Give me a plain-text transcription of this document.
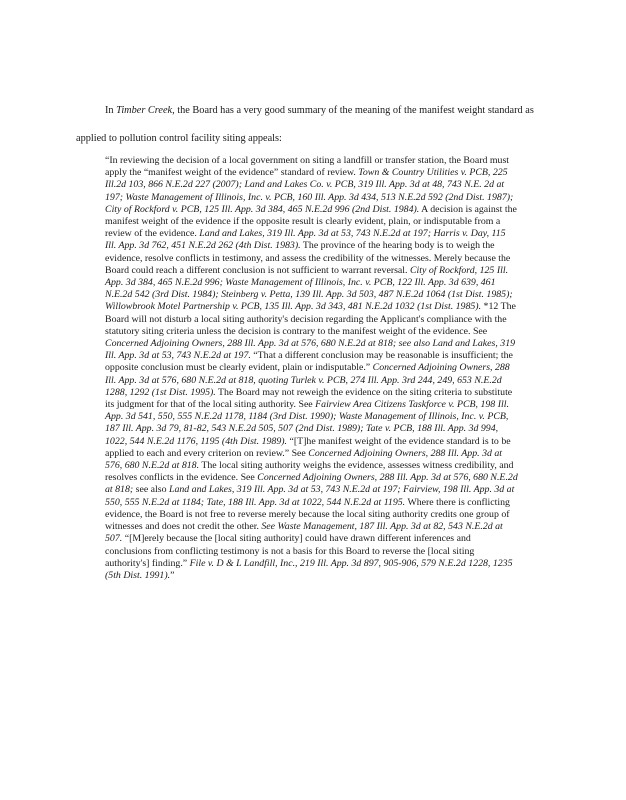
In Timber Creek, the Board has a very good summary of the meaning of the manifest weight standard as applied to pollution control facility siting appeals:

“In reviewing the decision of a local government on siting a landfill or transfer station, the Board must apply the “manifest weight of the evidence” standard of review. Town & Country Utilities v. PCB, 225 Ill.2d 103, 866 N.E.2d 227 (2007); Land and Lakes Co. v. PCB, 319 Ill. App. 3d at 48, 743 N.E. 2d at 197; Waste Management of Illinois, Inc. v. PCB, 160 Ill. App. 3d 434, 513 N.E.2d 592 (2nd Dist. 1987); City of Rockford v. PCB, 125 Ill. App. 3d 384, 465 N.E.2d 996 (2nd Dist. 1984). A decision is against the manifest weight of the evidence if the opposite result is clearly evident, plain, or indisputable from a review of the evidence. Land and Lakes, 319 Ill. App. 3d at 53, 743 N.E.2d at 197; Harris v. Day, 115 Ill. App. 3d 762, 451 N.E.2d 262 (4th Dist. 1983). The province of the hearing body is to weigh the evidence, resolve conflicts in testimony, and assess the credibility of the witnesses. Merely because the Board could reach a different conclusion is not sufficient to warrant reversal. City of Rockford, 125 Ill. App. 3d 384, 465 N.E.2d 996; Waste Management of Illinois, Inc. v. PCB, 122 Ill. App. 3d 639, 461 N.E.2d 542 (3rd Dist. 1984); Steinberg v. Petta, 139 Ill. App. 3d 503, 487 N.E.2d 1064 (1st Dist. 1985); Willowbrook Motel Partnership v. PCB, 135 Ill. App. 3d 343, 481 N.E.2d 1032 (1st Dist. 1985). *12 The Board will not disturb a local siting authority's decision regarding the Applicant's compliance with the statutory siting criteria unless the decision is contrary to the manifest weight of the evidence. See Concerned Adjoining Owners, 288 Ill. App. 3d at 576, 680 N.E.2d at 818; see also Land and Lakes, 319 Ill. App. 3d at 53, 743 N.E.2d at 197. “That a different conclusion may be reasonable is insufficient; the opposite conclusion must be clearly evident, plain or indisputable.” Concerned Adjoining Owners, 288 Ill. App. 3d at 576, 680 N.E.2d at 818, quoting Turlek v. PCB, 274 Ill. App. 3rd 244, 249, 653 N.E.2d 1288, 1292 (1st Dist. 1995). The Board may not reweigh the evidence on the siting criteria to substitute its judgment for that of the local siting authority. See Fairview Area Citizens Taskforce v. PCB, 198 Ill. App. 3d 541, 550, 555 N.E.2d 1178, 1184 (3rd Dist. 1990); Waste Management of Illinois, Inc. v. PCB, 187 Ill. App. 3d 79, 81-82, 543 N.E.2d 505, 507 (2nd Dist. 1989); Tate v. PCB, 188 Ill. App. 3d 994, 1022, 544 N.E.2d 1176, 1195 (4th Dist. 1989). “[T]he manifest weight of the evidence standard is to be applied to each and every criterion on review.” See Concerned Adjoining Owners, 288 Ill. App. 3d at 576, 680 N.E.2d at 818. The local siting authority weighs the evidence, assesses witness credibility, and resolves conflicts in the evidence. See Concerned Adjoining Owners, 288 Ill. App. 3d at 576, 680 N.E.2d at 818; see also Land and Lakes, 319 Ill. App. 3d at 53, 743 N.E.2d at 197; Fairview, 198 Ill. App. 3d at 550, 555 N.E.2d at 1184; Tate, 188 Ill. App. 3d at 1022, 544 N.E.2d at 1195. Where there is conflicting evidence, the Board is not free to reverse merely because the local siting authority credits one group of witnesses and does not credit the other. See Waste Management, 187 Ill. App. 3d at 82, 543 N.E.2d at 507. “[M]erely because the [local siting authority] could have drawn different inferences and conclusions from conflicting testimony is not a basis for this Board to reverse the [local siting authority's] finding.” File v. D & L Landfill, Inc., 219 Ill. App. 3d 897, 905-906, 579 N.E.2d 1228, 1235 (5th Dist. 1991).”
